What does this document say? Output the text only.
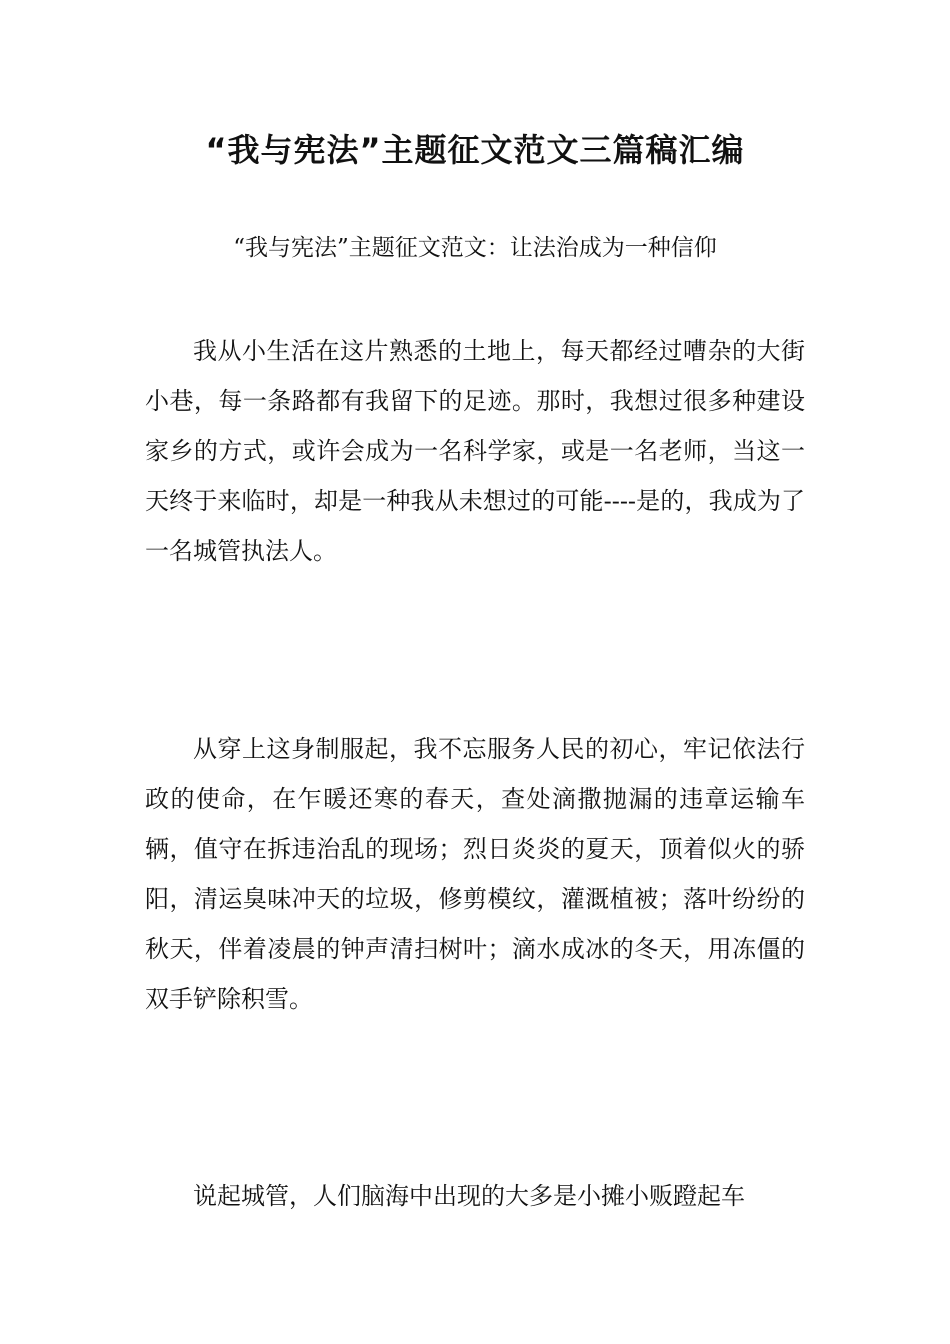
“我与宪法”主题征文范文三篇稿汇编
“我与宪法”主题征文范文：让法治成为一种信仰

我从小生活在这片熟悉的土地上，每天都经过嘈杂的大街小巷，每一条路都有我留下的足迹。那时，我想过很多种建设家乡的方式，或许会成为一名科学家，或是一名老师，当这一天终于来临时，却是一种我从未想过的可能----是的，我成为了一名城管执法人。

从穿上这身制服起，我不忘服务人民的初心，牢记依法行政的使命，在乍暖还寒的春天，查处滴撒抛漏的违章运输车辆，值守在拆违治乱的现场；烈日炎炎的夏天，顶着似火的骄阳，清运臭味冲天的垃圾，修剪模纹，灌溉植被；落叶纷纷的秋天，伴着凌晨的钟声清扫树叶；滴水成冰的冬天，用冻僵的双手铲除积雪。

说起城管，人们脑海中出现的大多是小摊小贩蹬起车
